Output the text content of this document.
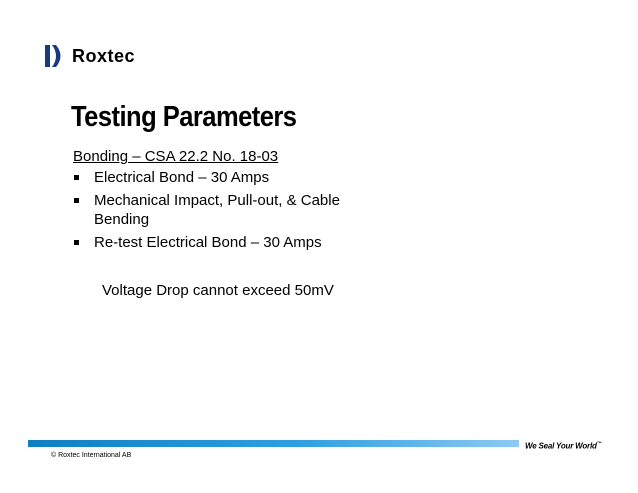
Roxtec
Testing Parameters
Bonding – CSA 22.2 No. 18-03
Electrical Bond – 30 Amps
Mechanical Impact, Pull-out, & Cable Bending
Re-test Electrical Bond – 30 Amps
Voltage Drop cannot exceed 50mV
We Seal Your World™
© Roxtec International AB
